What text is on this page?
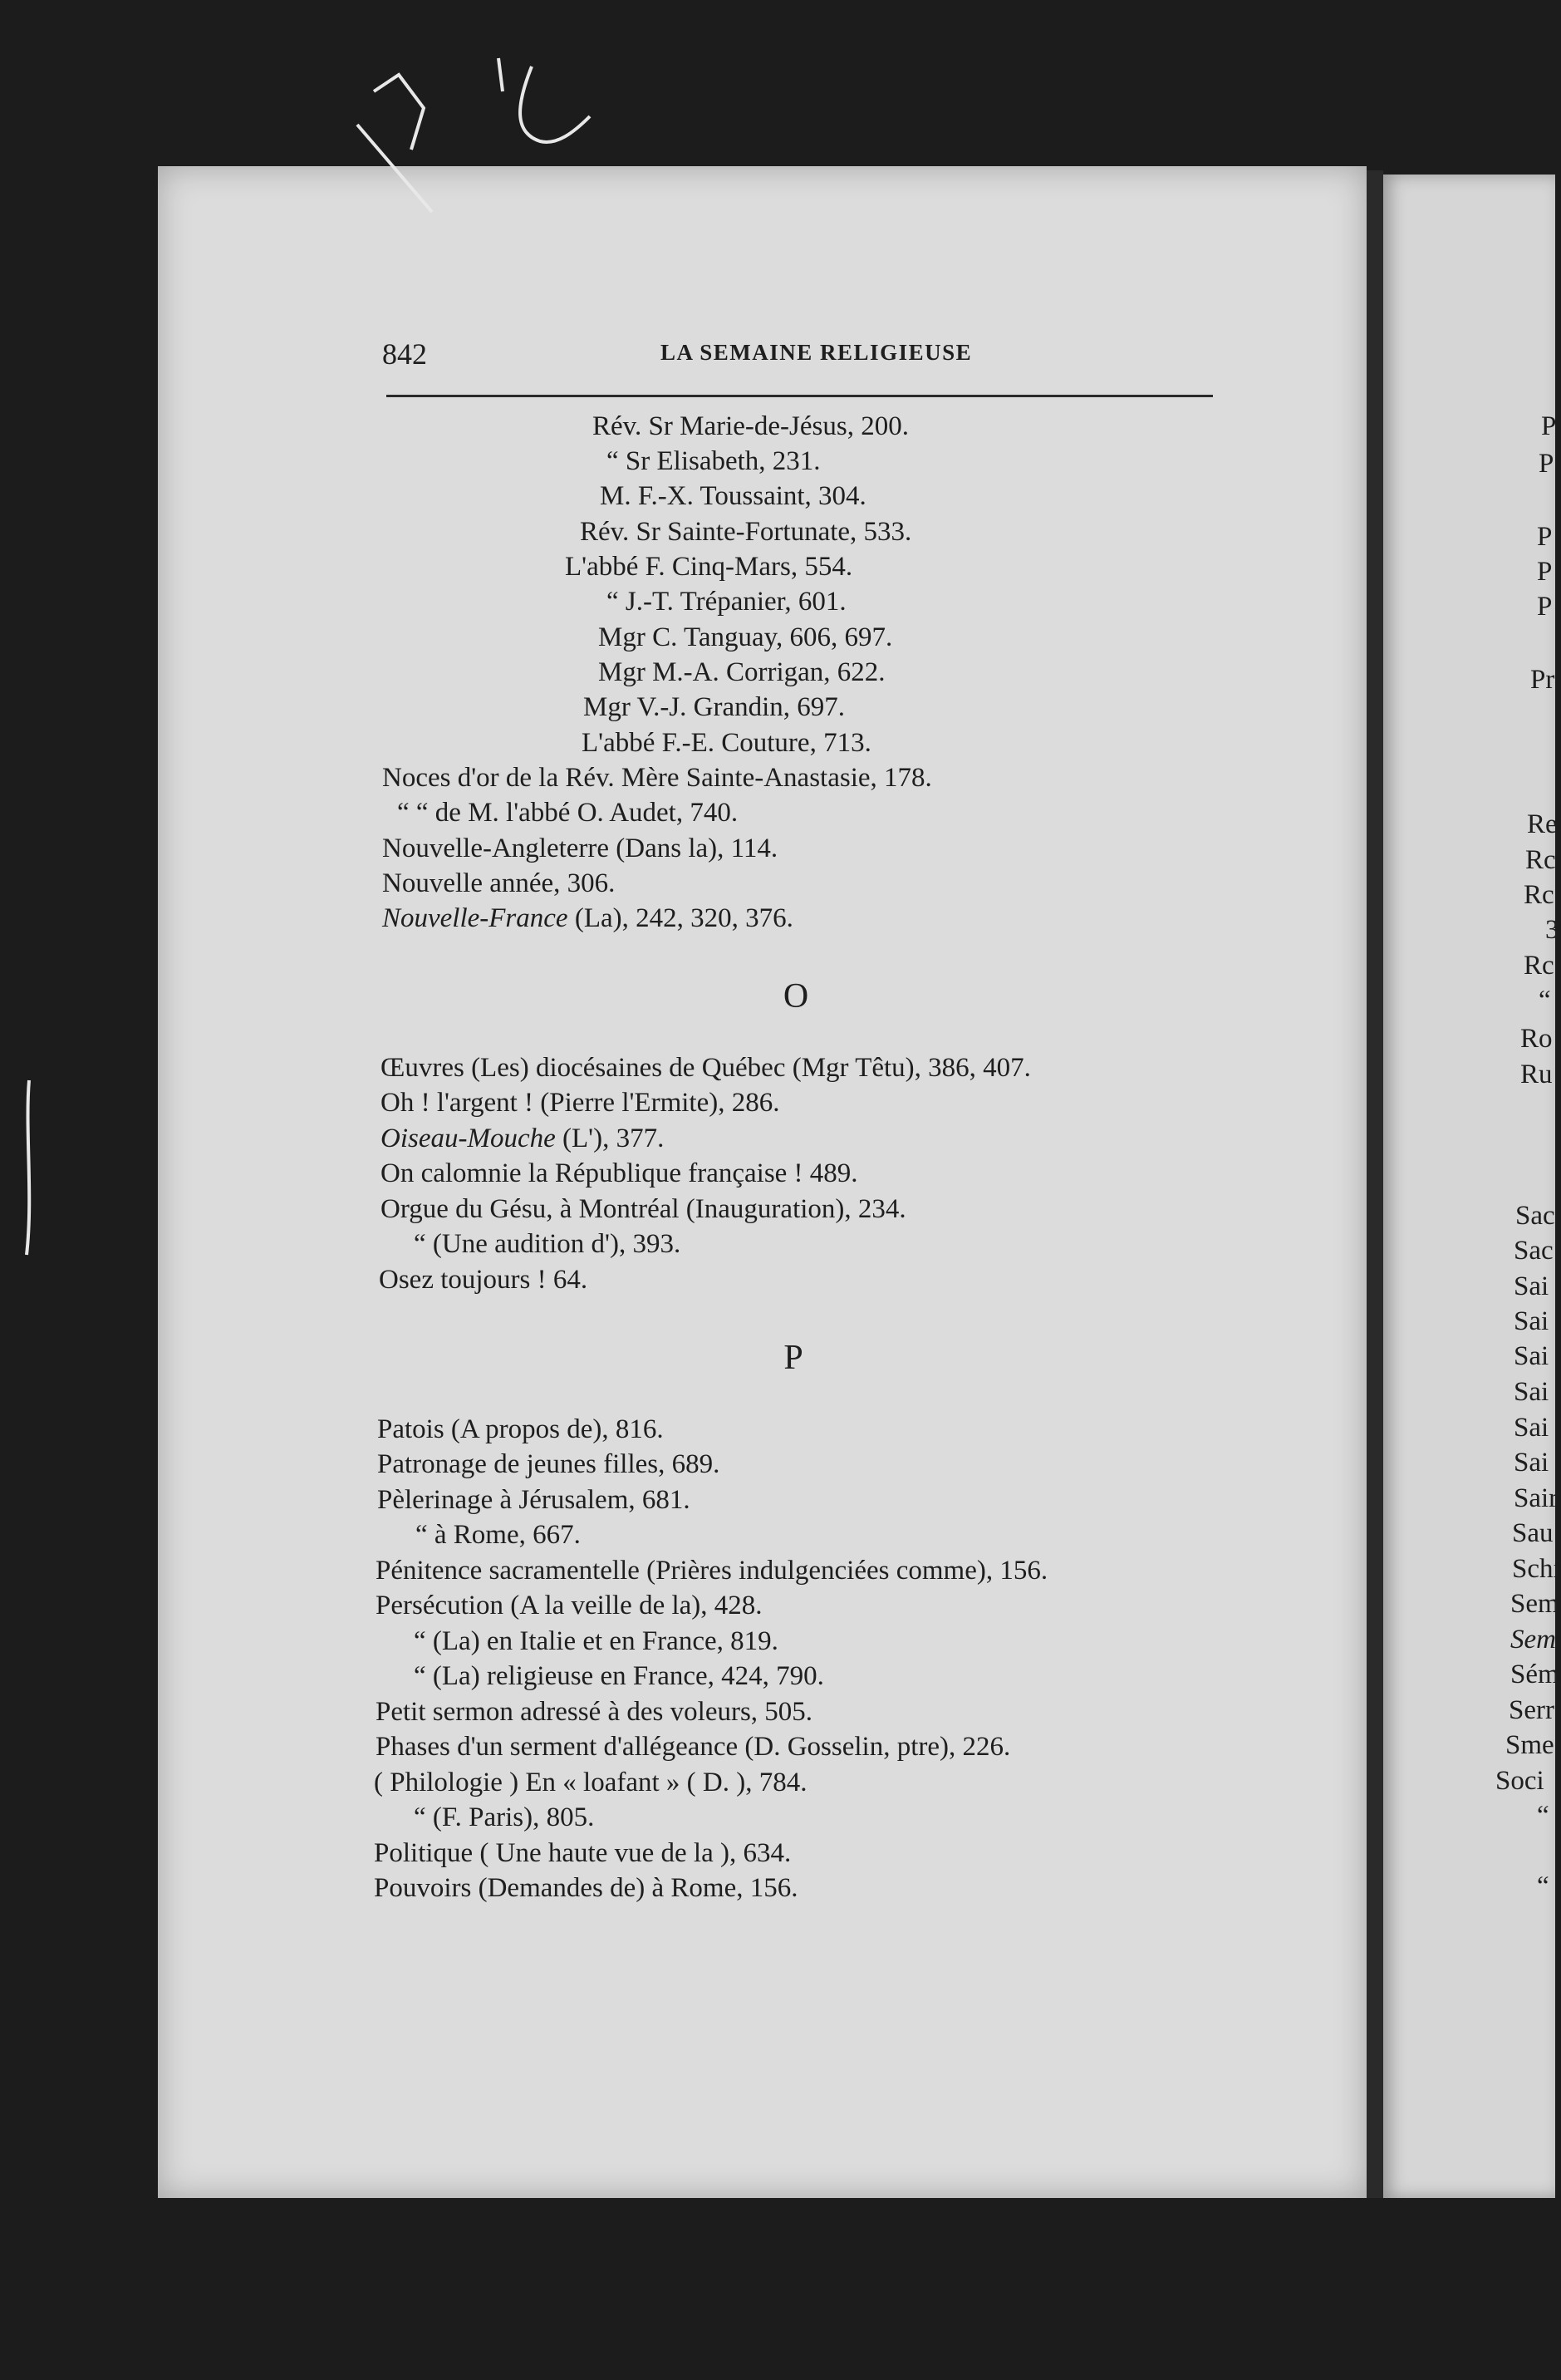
842	LA SEMAINE RELIGIEUSE
Rév. Sr Marie-de-Jésus, 200.
“ Sr Elisabeth, 231.
M. F.-X. Toussaint, 304.
Rév. Sr Sainte-Fortunate, 533.
L'abbé F. Cinq-Mars, 554.
“ J.-T. Trépanier, 601.
Mgr C. Tanguay, 606, 697.
Mgr M.-A. Corrigan, 622.
Mgr V.-J. Grandin, 697.
L'abbé F.-E. Couture, 713.
Noces d'or de la Rév. Mère Sainte-Anastasie, 178.
“ “ de M. l'abbé O. Audet, 740.
Nouvelle-Angleterre (Dans la), 114.
Nouvelle année, 306.
Nouvelle-France (La), 242, 320, 376.
O
Œuvres (Les) diocésaines de Québec (Mgr Têtu), 386, 407.
Oh ! l'argent ! (Pierre l'Ermite), 286.
Oiseau-Mouche (L'), 377.
On calomnie la République française ! 489.
Orgue du Gésu, à Montréal (Inauguration), 234.
“ (Une audition d'), 393.
Osez toujours ! 64.
P
Patois (A propos de), 816.
Patronage de jeunes filles, 689.
Pèlerinage à Jérusalem, 681.
“ à Rome, 667.
Pénitence sacramentelle (Prières indulgenciées comme), 156.
Persécution (A la veille de la), 428.
“ (La) en Italie et en France, 819.
“ (La) religieuse en France, 424, 790.
Petit sermon adressé à des voleurs, 505.
Phases d'un serment d'allégeance (D. Gosselin, ptre), 226.
( Philologie ) En « loafant » ( D. ), 784.
“ (F. Paris), 805.
Politique ( Une haute vue de la ), 634.
Pouvoirs (Demandes de) à Rome, 156.
P
P
P
P
P
Pr
Re
Rc
Rc
3
Rc
“
Ro
Ru
Sac
Sac
Sai
Sai
Sai
Sai
Sai
Sai
Sair
Sau
Schi
Sem
Sem
Sém
Serr
Sme
Soci
“
“
